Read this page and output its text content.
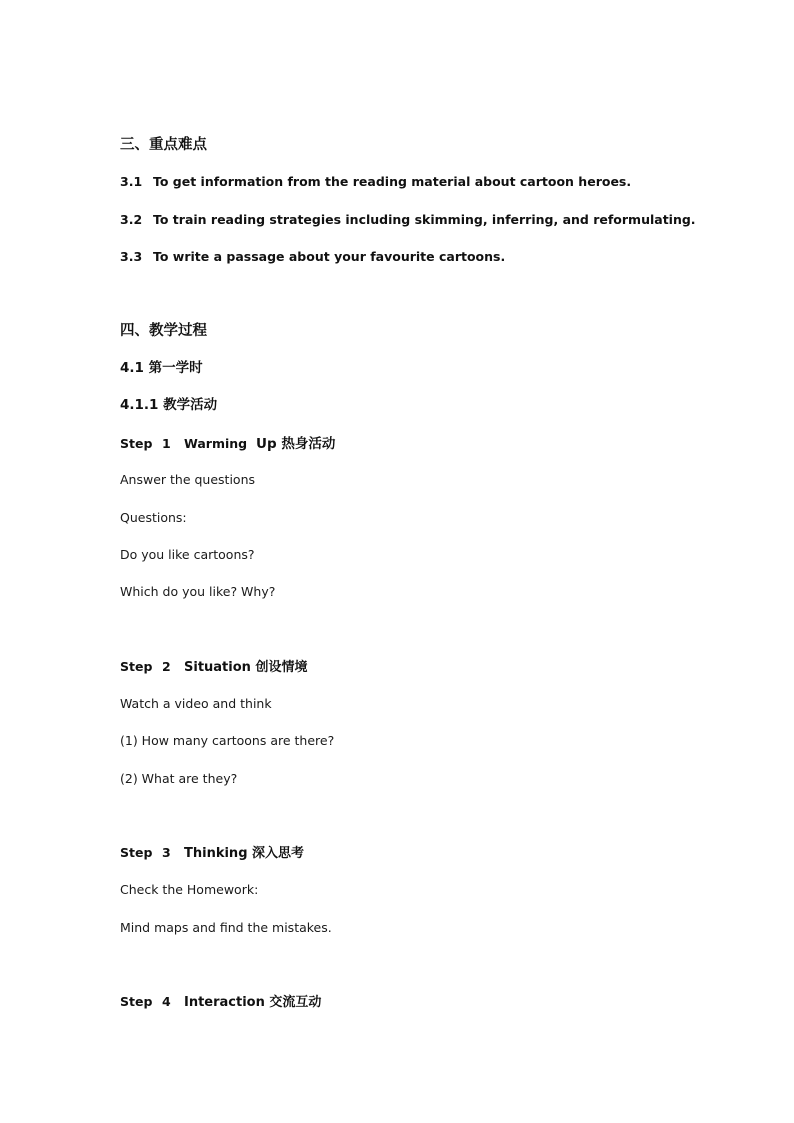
三、重点难点
3.1 To get information from the reading material about cartoon heroes.
3.2 To train reading strategies including skimming, inferring, and reformulating.
3.3 To write a passage about your favourite cartoons.
四、教学过程
4.1 第一学时
4.1.1 教学活动
Step 1 Warming Up 热身活动
Answer the questions
Questions:
Do you like cartoons?
Which do you like? Why?
Step 2 Situation 创设情境
Watch a video and think
(1) How many cartoons are there?
(2) What are they?
Step 3 Thinking 深入思考
Check the Homework:
Mind maps and find the mistakes.
Step 4 Interaction 交流互动
